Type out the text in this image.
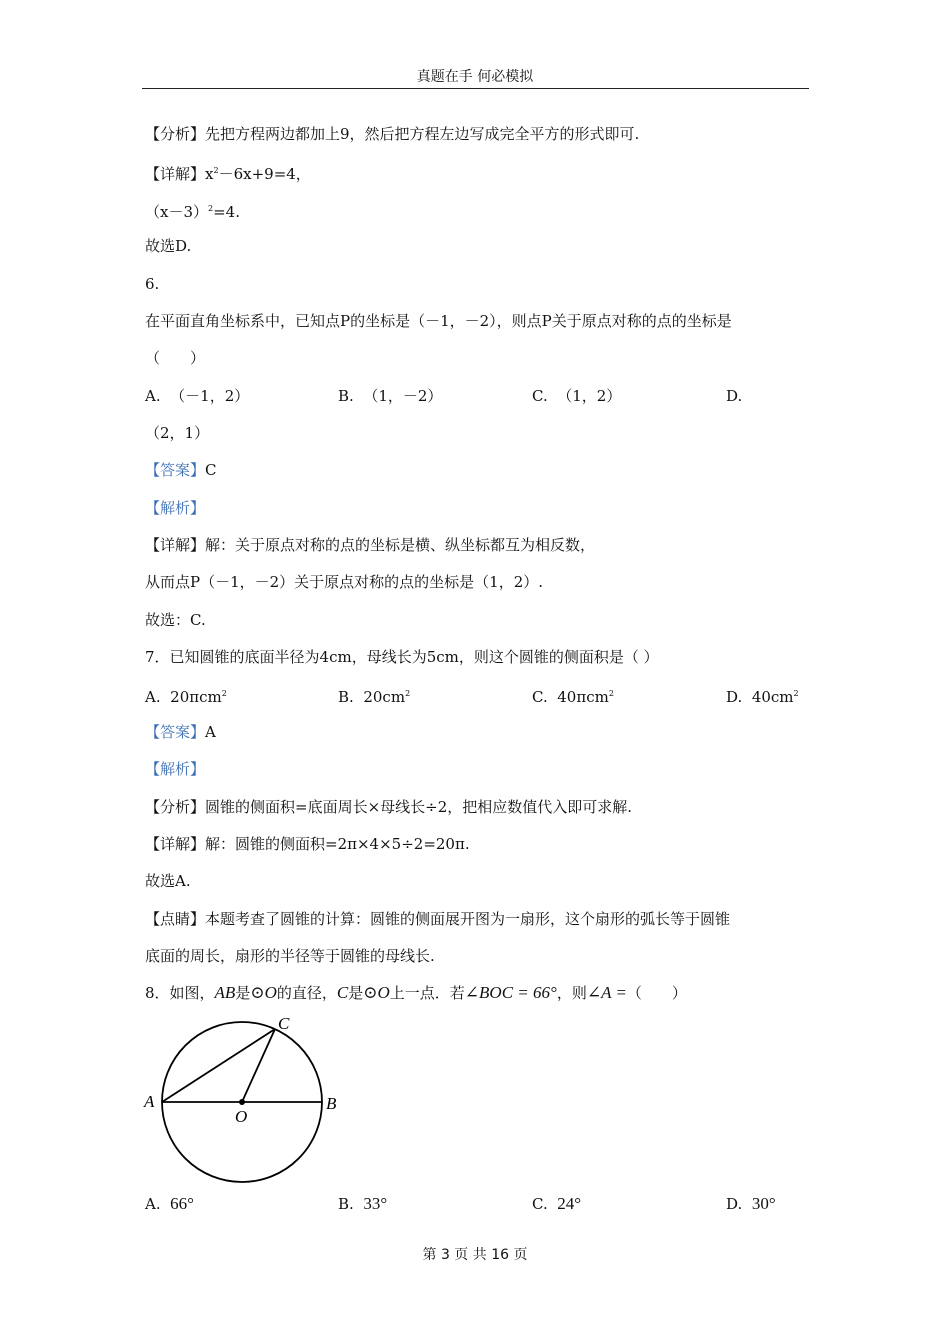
真题在手 何必模拟
【分析】先把方程两边都加上9，然后把方程左边写成完全平方的形式即可.
【详解】$x^2-6x+9=4$，
$(x-3)^2=4$.
故选D.
6.
在平面直角坐标系中，已知点P的坐标是（－1，－2），则点P关于原点对称的点的坐标是
（　　）
A. （－1，2）	B. （1，－2）	C. （1，2）	D.
（2，1）
【答案】C
【解析】
【详解】解：关于原点对称的点的坐标是横、纵坐标都互为相反数，
从而点P（－1，－2）关于原点对称的点的坐标是（1，2）.
故选：C.
7．已知圆锥的底面半径为4cm，母线长为5cm，则这个圆锥的侧面积是（ ）
A. 20πcm$^2$	B. $20cm^2$	C. 40πcm$^2$	D. $40cm^2$
【答案】A
【解析】
【分析】圆锥的侧面积=底面周长×母线长÷2，把相应数值代入即可求解.
【详解】解：圆锥的侧面积=2π×4×5÷2=20π.
故选A.
【点睛】本题考查了圆锥的计算：圆锥的侧面展开图为一扇形，这个扇形的弧长等于圆锥
底面的周长，扇形的半径等于圆锥的母线长.
8．如图，AB是⊙O的直径，C是⊙O上一点．若∠BOC = 66°，则∠A =（　　）
A	B
C
O
A. 66°	B. 33°	C. 24°	D. 30°
第 3 页 共 16 页
